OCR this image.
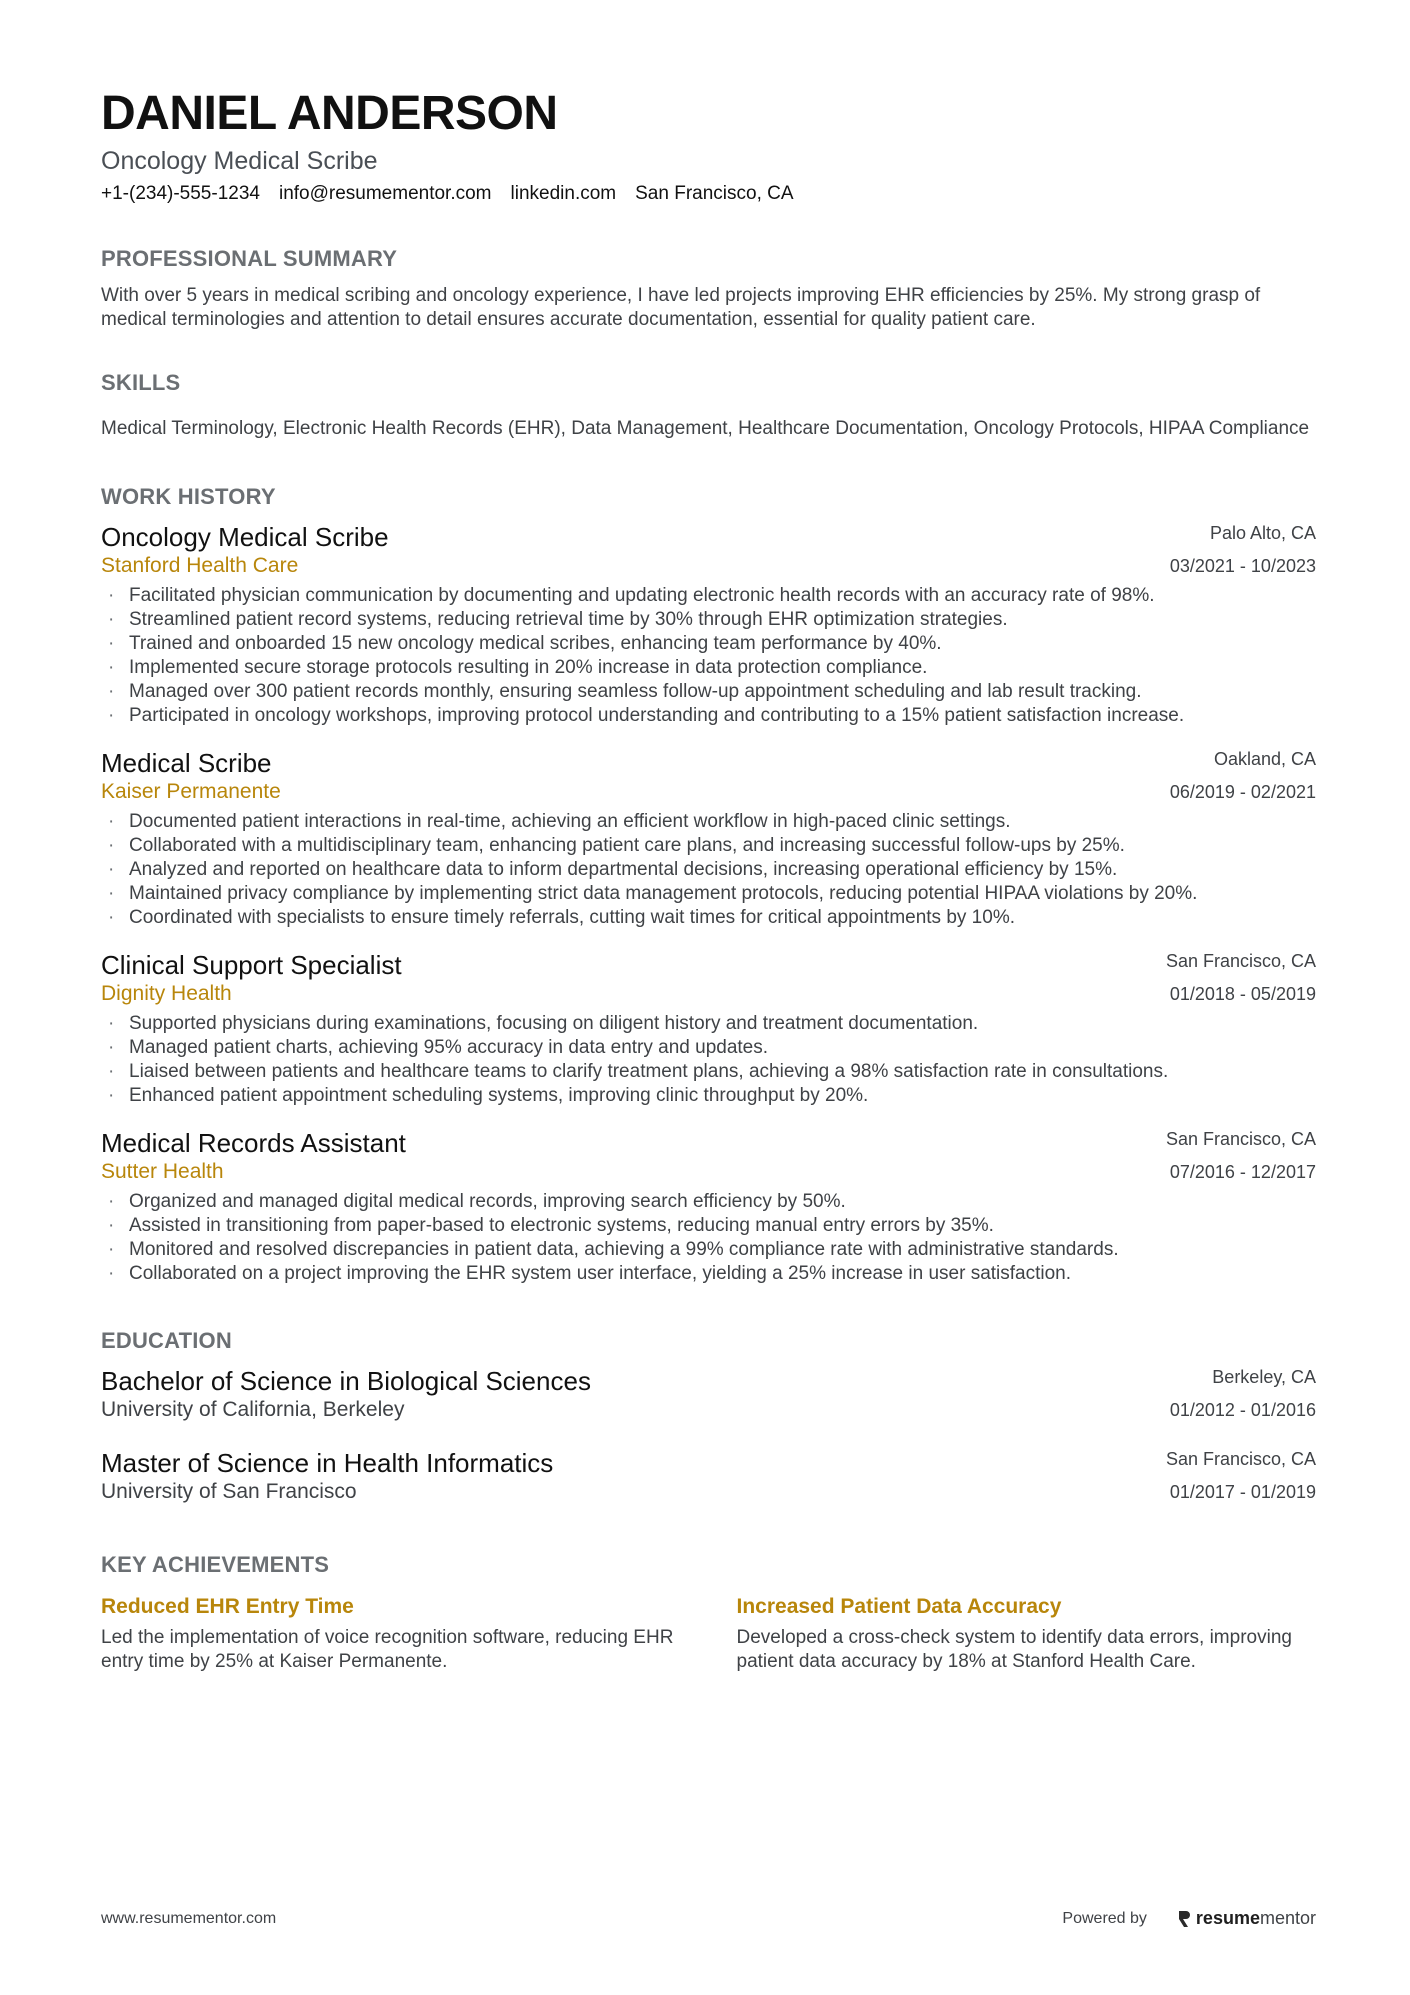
DANIEL ANDERSON
Oncology Medical Scribe
+1-(234)-555-1234 info@resumementor.com linkedin.com San Francisco, CA
PROFESSIONAL SUMMARY
With over 5 years in medical scribing and oncology experience, I have led projects improving EHR efficiencies by 25%. My strong grasp of medical terminologies and attention to detail ensures accurate documentation, essential for quality patient care.
SKILLS
Medical Terminology, Electronic Health Records (EHR), Data Management, Healthcare Documentation, Oncology Protocols, HIPAA Compliance
WORK HISTORY
Oncology Medical Scribe	Palo Alto, CA
Stanford Health Care	03/2021 - 10/2023
· Facilitated physician communication by documenting and updating electronic health records with an accuracy rate of 98%.
· Streamlined patient record systems, reducing retrieval time by 30% through EHR optimization strategies.
· Trained and onboarded 15 new oncology medical scribes, enhancing team performance by 40%.
· Implemented secure storage protocols resulting in 20% increase in data protection compliance.
· Managed over 300 patient records monthly, ensuring seamless follow-up appointment scheduling and lab result tracking.
· Participated in oncology workshops, improving protocol understanding and contributing to a 15% patient satisfaction increase.
Medical Scribe	Oakland, CA
Kaiser Permanente	06/2019 - 02/2021
· Documented patient interactions in real-time, achieving an efficient workflow in high-paced clinic settings.
· Collaborated with a multidisciplinary team, enhancing patient care plans, and increasing successful follow-ups by 25%.
· Analyzed and reported on healthcare data to inform departmental decisions, increasing operational efficiency by 15%.
· Maintained privacy compliance by implementing strict data management protocols, reducing potential HIPAA violations by 20%.
· Coordinated with specialists to ensure timely referrals, cutting wait times for critical appointments by 10%.
Clinical Support Specialist	San Francisco, CA
Dignity Health	01/2018 - 05/2019
· Supported physicians during examinations, focusing on diligent history and treatment documentation.
· Managed patient charts, achieving 95% accuracy in data entry and updates.
· Liaised between patients and healthcare teams to clarify treatment plans, achieving a 98% satisfaction rate in consultations.
· Enhanced patient appointment scheduling systems, improving clinic throughput by 20%.
Medical Records Assistant	San Francisco, CA
Sutter Health	07/2016 - 12/2017
· Organized and managed digital medical records, improving search efficiency by 50%.
· Assisted in transitioning from paper-based to electronic systems, reducing manual entry errors by 35%.
· Monitored and resolved discrepancies in patient data, achieving a 99% compliance rate with administrative standards.
· Collaborated on a project improving the EHR system user interface, yielding a 25% increase in user satisfaction.
EDUCATION
Bachelor of Science in Biological Sciences	Berkeley, CA
University of California, Berkeley	01/2012 - 01/2016
Master of Science in Health Informatics	San Francisco, CA
University of San Francisco	01/2017 - 01/2019
KEY ACHIEVEMENTS
Reduced EHR Entry Time
Led the implementation of voice recognition software, reducing EHR entry time by 25% at Kaiser Permanente.
Increased Patient Data Accuracy
Developed a cross-check system to identify data errors, improving patient data accuracy by 18% at Stanford Health Care.
www.resumementor.com	Powered by	resumementor
